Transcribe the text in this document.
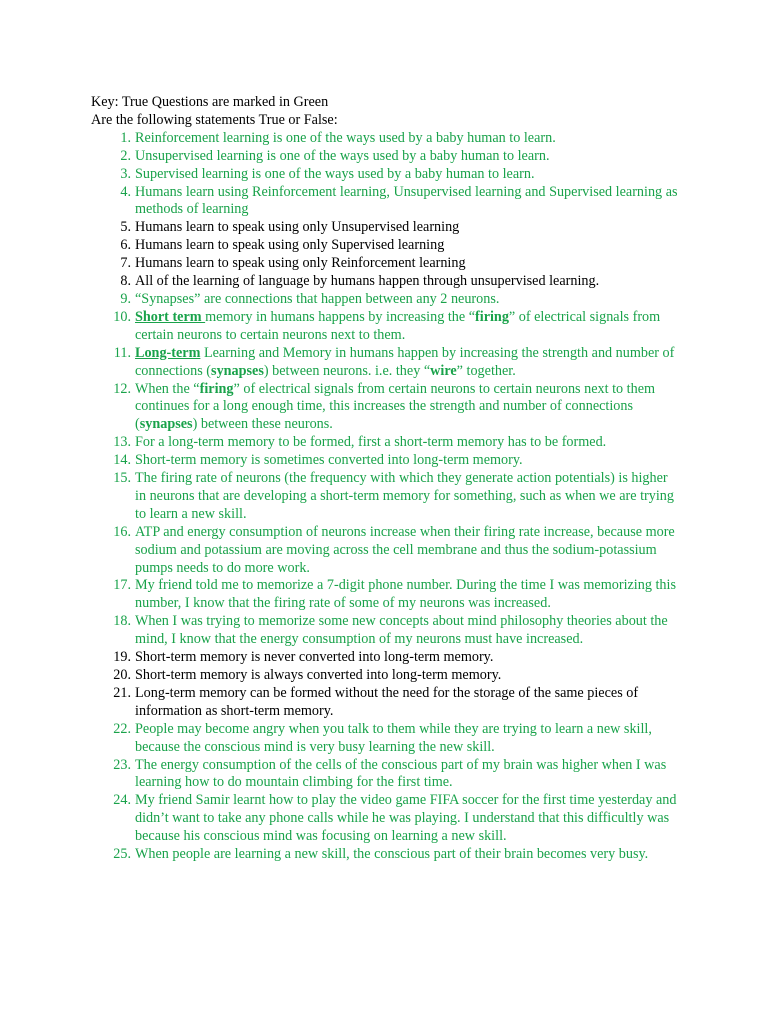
Key: True Questions are marked in Green

Are the following statements True or False:

1. Reinforcement learning is one of the ways used by a baby human to learn.
2. Unsupervised learning is one of the ways used by a baby human to learn.
3. Supervised learning is one of the ways used by a baby human to learn.
4. Humans learn using Reinforcement learning, Unsupervised learning and Supervised learning as methods of learning
5. Humans learn to speak using only Unsupervised learning
6. Humans learn to speak using only Supervised learning
7. Humans learn to speak using only Reinforcement learning
8. All of the learning of language by humans happen through unsupervised learning.
9. “Synapses” are connections that happen between any 2 neurons.
10. Short term memory in humans happens by increasing the “firing” of electrical signals from certain neurons to certain neurons next to them.
11. Long-term Learning and Memory in humans happen by increasing the strength and number of connections (synapses) between neurons. i.e. they “wire” together.
12. When the “firing” of electrical signals from certain neurons to certain neurons next to them continues for a long enough time, this increases the strength and number of connections (synapses) between these neurons.
13. For a long-term memory to be formed, first a short-term memory has to be formed.
14. Short-term memory is sometimes converted into long-term memory.
15. The firing rate of neurons (the frequency with which they generate action potentials) is higher in neurons that are developing a short-term memory for something, such as when we are trying to learn a new skill.
16. ATP and energy consumption of neurons increase when their firing rate increase, because more sodium and potassium are moving across the cell membrane and thus the sodium-potassium pumps needs to do more work.
17. My friend told me to memorize a 7-digit phone number. During the time I was memorizing this number, I know that the firing rate of some of my neurons was increased.
18. When I was trying to memorize some new concepts about mind philosophy theories about the mind, I know that the energy consumption of my neurons must have increased.
19. Short-term memory is never converted into long-term memory.
20. Short-term memory is always converted into long-term memory.
21. Long-term memory can be formed without the need for the storage of the same pieces of information as short-term memory.
22. People may become angry when you talk to them while they are trying to learn a new skill, because the conscious mind is very busy learning the new skill.
23. The energy consumption of the cells of the conscious part of my brain was higher when I was learning how to do mountain climbing for the first time.
24. My friend Samir learnt how to play the video game FIFA soccer for the first time yesterday and didn’t want to take any phone calls while he was playing. I understand that this difficultly was because his conscious mind was focusing on learning a new skill.
25. When people are learning a new skill, the conscious part of their brain becomes very busy.
